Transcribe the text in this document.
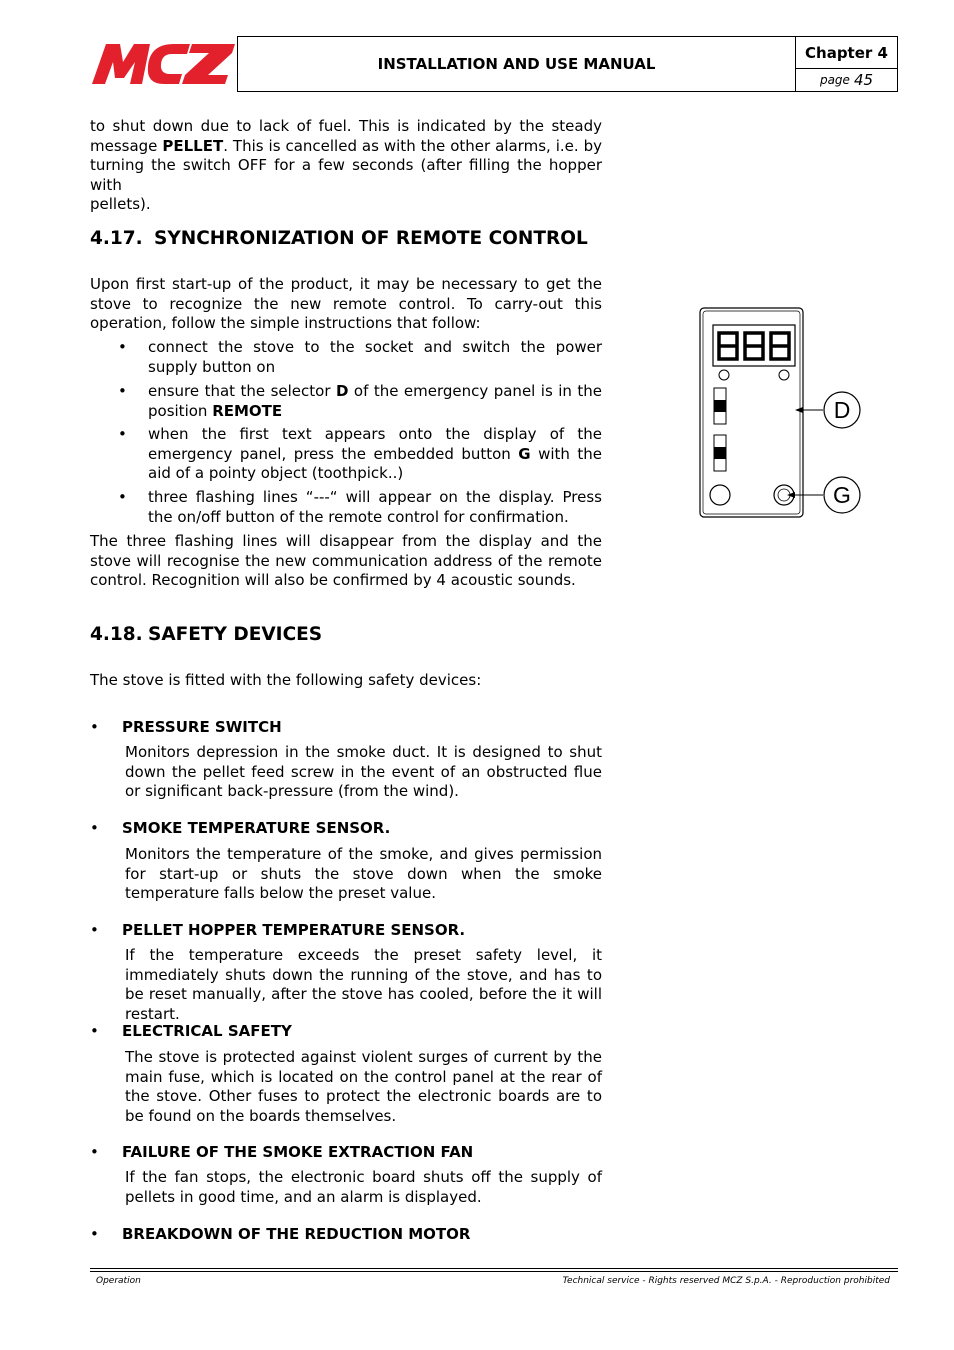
INSTALLATION AND USE MANUAL
Chapter 4
page 45
to shut down due to lack of fuel. This is indicated by the steady
message PELLET. This is cancelled as with the other alarms, i.e. by
turning the switch OFF for a few seconds (after filling the hopper with
pellets).
4.17. SYNCHRONIZATION OF REMOTE CONTROL
Upon first start-up of the product, it may be necessary to get the stove to recognize the new remote control. To carry-out this operation, follow the simple instructions that follow:
• connect the stove to the socket and switch the power supply button on
• ensure that the selector D of the emergency panel is in the position REMOTE
• when the first text appears onto the display of the emergency panel, press the embedded button G with the aid of a pointy object (toothpick..)
• three flashing lines “---“ will appear on the display. Press the on/off button of the remote control for confirmation.
The three flashing lines will disappear from the display and the stove will recognise the new communication address of the remote control. Recognition will also be confirmed by 4 acoustic sounds.
D
G
4.18. SAFETY DEVICES
The stove is fitted with the following safety devices:
• PRESSURE SWITCH
Monitors depression in the smoke duct. It is designed to shut down the pellet feed screw in the event of an obstructed flue or significant back-pressure (from the wind).
• SMOKE TEMPERATURE SENSOR.
Monitors the temperature of the smoke, and gives permission for start-up or shuts the stove down when the smoke temperature falls below the preset value.
• PELLET HOPPER TEMPERATURE SENSOR.
If the temperature exceeds the preset safety level, it immediately shuts down the running of the stove, and has to be reset manually, after the stove has cooled, before the it will restart.
• ELECTRICAL SAFETY
The stove is protected against violent surges of current by the main fuse, which is located on the control panel at the rear of the stove. Other fuses to protect the electronic boards are to be found on the boards themselves.
• FAILURE OF THE SMOKE EXTRACTION FAN
If the fan stops, the electronic board shuts off the supply of pellets in good time, and an alarm is displayed.
• BREAKDOWN OF THE REDUCTION MOTOR
Operation	Technical service - Rights reserved MCZ S.p.A. - Reproduction prohibited
